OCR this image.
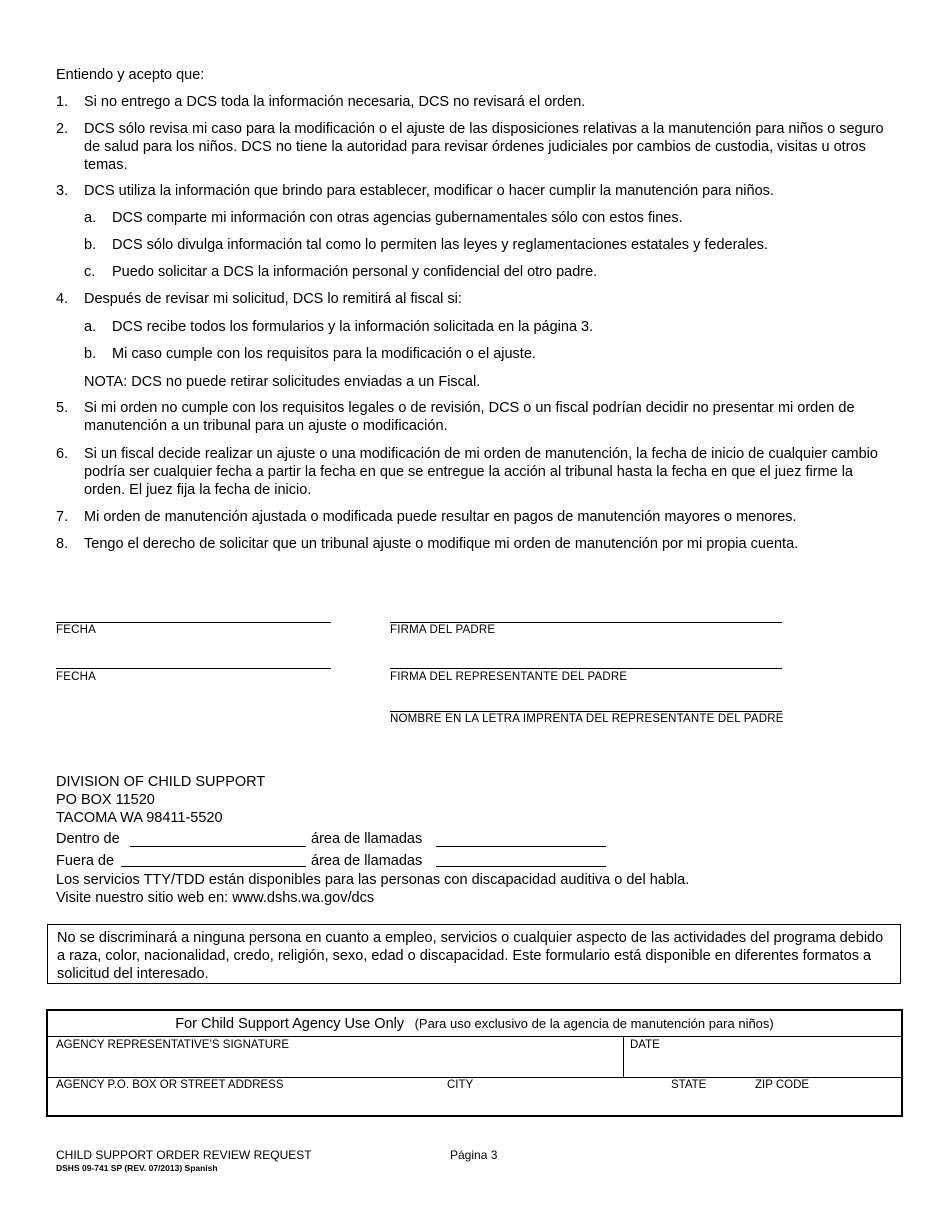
Entiendo y acepto que:
1. Si no entrego a DCS toda la información necesaria, DCS no revisará el orden.
2. DCS sólo revisa mi caso para la modificación o el ajuste de las disposiciones relativas a la manutención para niños o seguro de salud para los niños. DCS no tiene la autoridad para revisar órdenes judiciales por cambios de custodia, visitas u otros temas.
3. DCS utiliza la información que brindo para establecer, modificar o hacer cumplir la manutención para niños.
a. DCS comparte mi información con otras agencias gubernamentales sólo con estos fines.
b. DCS sólo divulga información tal como lo permiten las leyes y reglamentaciones estatales y federales.
c. Puedo solicitar a DCS la información personal y confidencial del otro padre.
4. Después de revisar mi solicitud, DCS lo remitirá al fiscal si:
a. DCS recibe todos los formularios y la información solicitada en la página 3.
b. Mi caso cumple con los requisitos para la modificación o el ajuste.
NOTA: DCS no puede retirar solicitudes enviadas a un Fiscal.
5. Si mi orden no cumple con los requisitos legales o de revisión, DCS o un fiscal podrían decidir no presentar mi orden de manutención a un tribunal para un ajuste o modificación.
6. Si un fiscal decide realizar un ajuste o una modificación de mi orden de manutención, la fecha de inicio de cualquier cambio podría ser cualquier fecha a partir la fecha en que se entregue la acción al tribunal hasta la fecha en que el juez firme la orden. El juez fija la fecha de inicio.
7. Mi orden de manutención ajustada o modificada puede resultar en pagos de manutención mayores o menores.
8. Tengo el derecho de solicitar que un tribunal ajuste o modifique mi orden de manutención por mi propia cuenta.
FECHA	FIRMA DEL PADRE
FECHA	FIRMA DEL REPRESENTANTE DEL PADRE
NOMBRE EN LA LETRA IMPRENTA DEL REPRESENTANTE DEL PADRE
DIVISION OF CHILD SUPPORT
PO BOX 11520
TACOMA WA 98411-5520
Dentro de	área de llamadas
Fuera de	área de llamadas
Los servicios TTY/TDD están disponibles para las personas con discapacidad auditiva o del habla.
Visite nuestro sitio web en: www.dshs.wa.gov/dcs
No se discriminará a ninguna persona en cuanto a empleo, servicios o cualquier aspecto de las actividades del programa debido a raza, color, nacionalidad, credo, religión, sexo, edad o discapacidad. Este formulario está disponible en diferentes formatos a solicitud del interesado.
For Child Support Agency Use Only (Para uso exclusivo de la agencia de manutención para niños)
AGENCY REPRESENTATIVE’S SIGNATURE	DATE
AGENCY P.O. BOX OR STREET ADDRESS	CITY	STATE	ZIP CODE
CHILD SUPPORT ORDER REVIEW REQUEST	Página 3
DSHS 09-741 SP (REV. 07/2013) Spanish
